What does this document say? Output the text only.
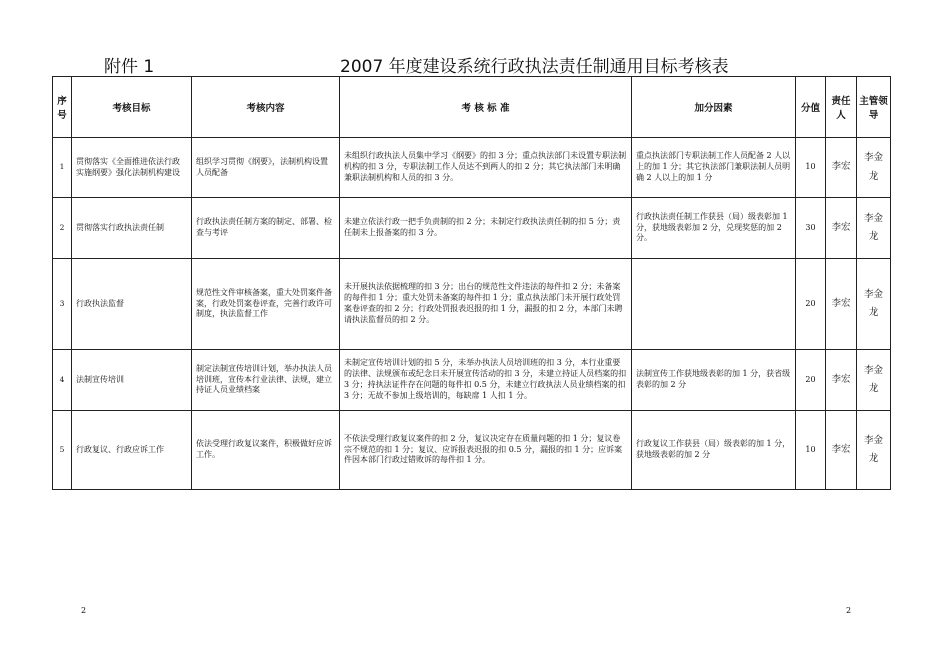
附件 1	2007 年度建设系统行政执法责任制通用目标考核表
序号	考核目标	考核内容	考 核 标 准	加分因素	分值	责任人	主管领导
1	贯彻落实《全面推进依法行政实施纲要》强化法制机构建设	组织学习贯彻《纲要》，法制机构设置人员配备	未组织行政执法人员集中学习《纲要》的扣 3 分；重点执法部门未设置专职法制机构的扣 3 分，专职法制工作人员达不到两人的扣 2 分；其它执法部门未明确兼职法制机构和人员的扣 3 分。	重点执法部门专职法制工作人员配备 2 人以上的加 1 分；其它执法部门兼职法制人员明确 2 人以上的加 1 分	10	李宏	李金龙
2	贯彻落实行政执法责任制	行政执法责任制方案的制定、部署、检查与考评	未建立依法行政一把手负责制的扣 2 分；未制定行政执法责任制的扣 5 分；责任制未上报备案的扣 3 分。	行政执法责任制工作获县（局）级表彰加 1 分，获地级表彰加 2 分，兑现奖惩的加 2 分。	30	李宏	李金龙
3	行政执法监督	规范性文件审核备案，重大处罚案件备案，行政处罚案卷评查，完善行政许可制度，执法监督工作	未开展执法依据梳理的扣 3 分；出台的规范性文件违法的每件扣 2 分；未备案的每件扣 1 分；重大处罚未备案的每件扣 1 分；重点执法部门未开展行政处罚案卷评查的扣 2 分；行政处罚报表迟报的扣 1 分，漏报的扣 2 分，本部门未聘请执法监督员的扣 2 分。		20	李宏	李金龙
4	法制宣传培训	制定法制宣传培训计划，举办执法人员培训班，宣传本行业法律、法规，建立持证人员业绩档案	未制定宣传培训计划的扣 5 分，未举办执法人员培训班的扣 3 分，本行业重要的法律、法规颁布或纪念日未开展宣传活动的扣 3 分，未建立持证人员档案的扣 3 分；持执法证件存在问题的每件扣 0.5 分，未建立行政执法人员业绩档案的扣 3 分；无故不参加上级培训的，每缺席 1 人扣 1 分。	法制宣传工作获地级表彰的加 1 分，获省级表彰的加 2 分	20	李宏	李金龙
5	行政复议、行政应诉工作	依法受理行政复议案件，积极做好应诉工作。	不依法受理行政复议案件的扣 2 分，复议决定存在质量问题的扣 1 分；复议卷宗不规范的扣 1 分；复议、应诉报表迟报的扣 0.5 分，漏报的扣 1 分；应诉案件因本部门行政过错败诉的每件扣 1 分。	行政复议工作获县（局）级表彰的加 1 分，获地级表彰的加 2 分	10	李宏	李金龙
2	2
